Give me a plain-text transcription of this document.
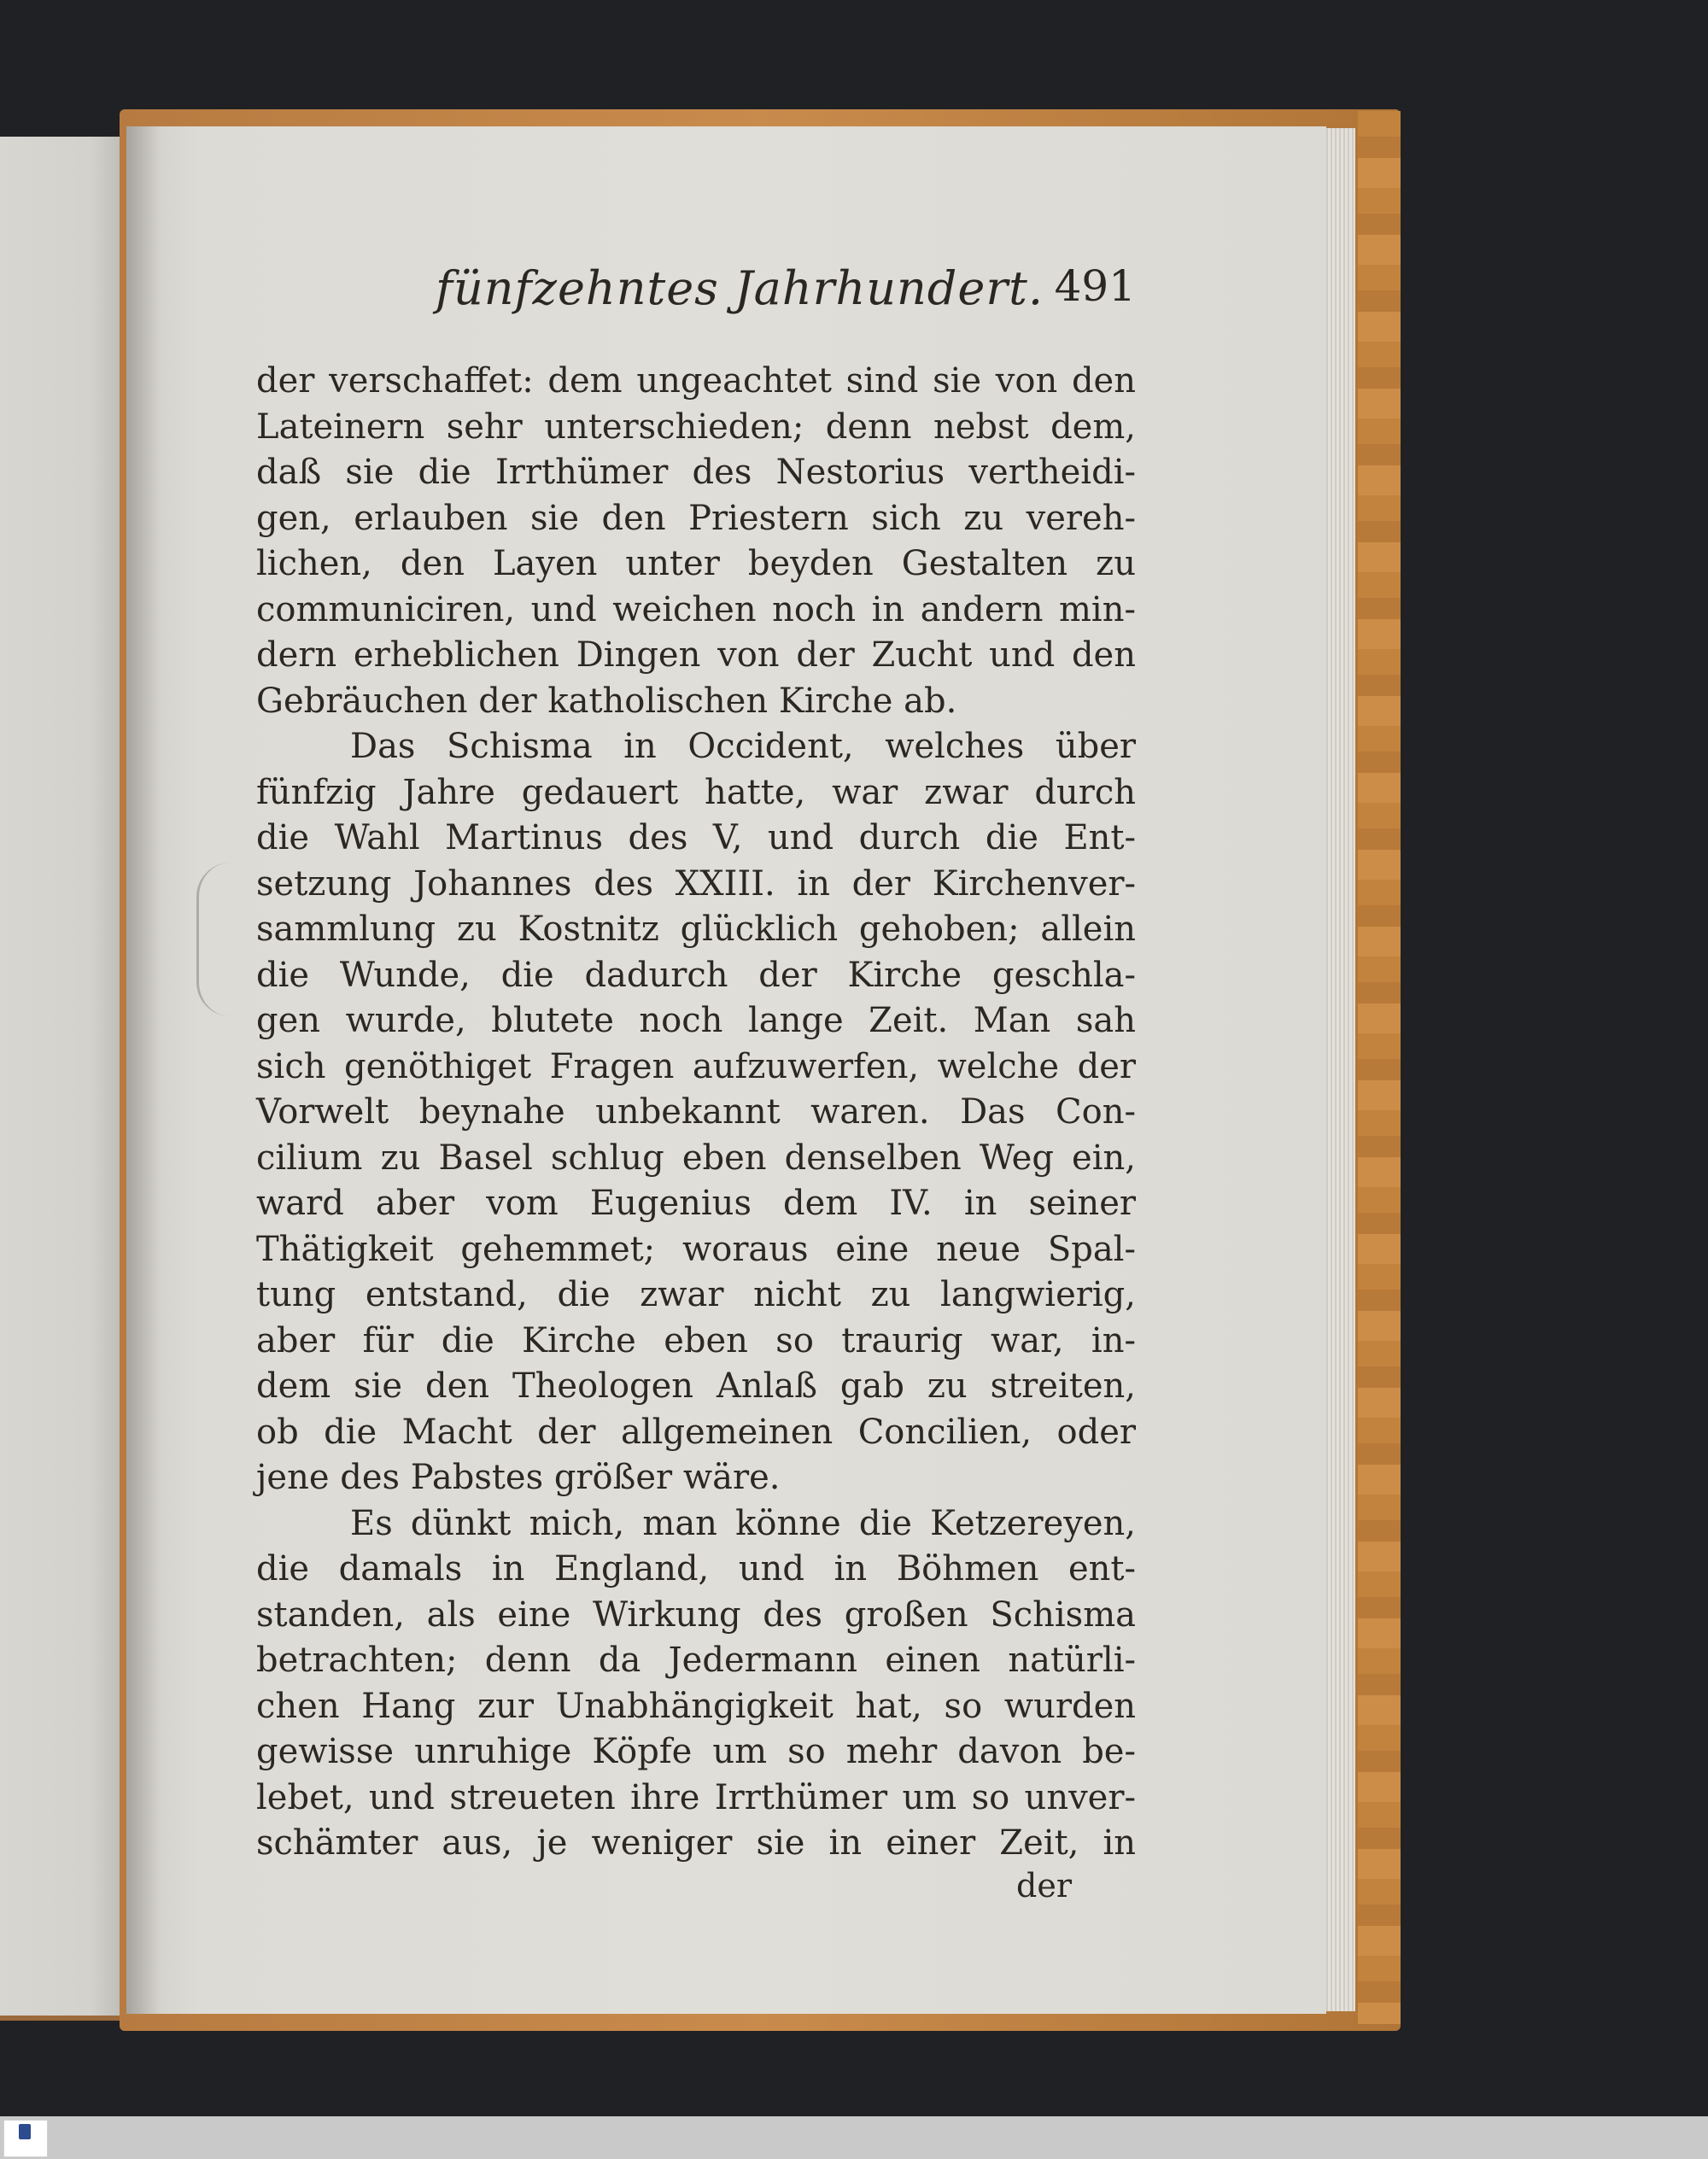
fünfzehntes Jahrhundert. 491
der verschaffet: dem ungeachtet sind sie von den
Lateinern sehr unterschieden; denn nebst dem,
daß sie die Irrthümer des Nestorius vertheidi-
gen, erlauben sie den Priestern sich zu vereh-
lichen, den Layen unter beyden Gestalten zu
communiciren, und weichen noch in andern min-
dern erheblichen Dingen von der Zucht und den
Gebräuchen der katholischen Kirche ab.
Das Schisma in Occident, welches über
fünfzig Jahre gedauert hatte, war zwar durch
die Wahl Martinus des V, und durch die Ent-
setzung Johannes des XXIII. in der Kirchenver-
sammlung zu Kostnitz glücklich gehoben; allein
die Wunde, die dadurch der Kirche geschla-
gen wurde, blutete noch lange Zeit. Man sah
sich genöthiget Fragen aufzuwerfen, welche der
Vorwelt beynahe unbekannt waren. Das Con-
cilium zu Basel schlug eben denselben Weg ein,
ward aber vom Eugenius dem IV. in seiner
Thätigkeit gehemmet; woraus eine neue Spal-
tung entstand, die zwar nicht zu langwierig,
aber für die Kirche eben so traurig war, in-
dem sie den Theologen Anlaß gab zu streiten,
ob die Macht der allgemeinen Concilien, oder
jene des Pabstes größer wäre.
Es dünkt mich, man könne die Ketzereyen,
die damals in England, und in Böhmen ent-
standen, als eine Wirkung des großen Schisma
betrachten; denn da Jedermann einen natürli-
chen Hang zur Unabhängigkeit hat, so wurden
gewisse unruhige Köpfe um so mehr davon be-
lebet, und streueten ihre Irrthümer um so unver-
schämter aus, je weniger sie in einer Zeit, in
der
